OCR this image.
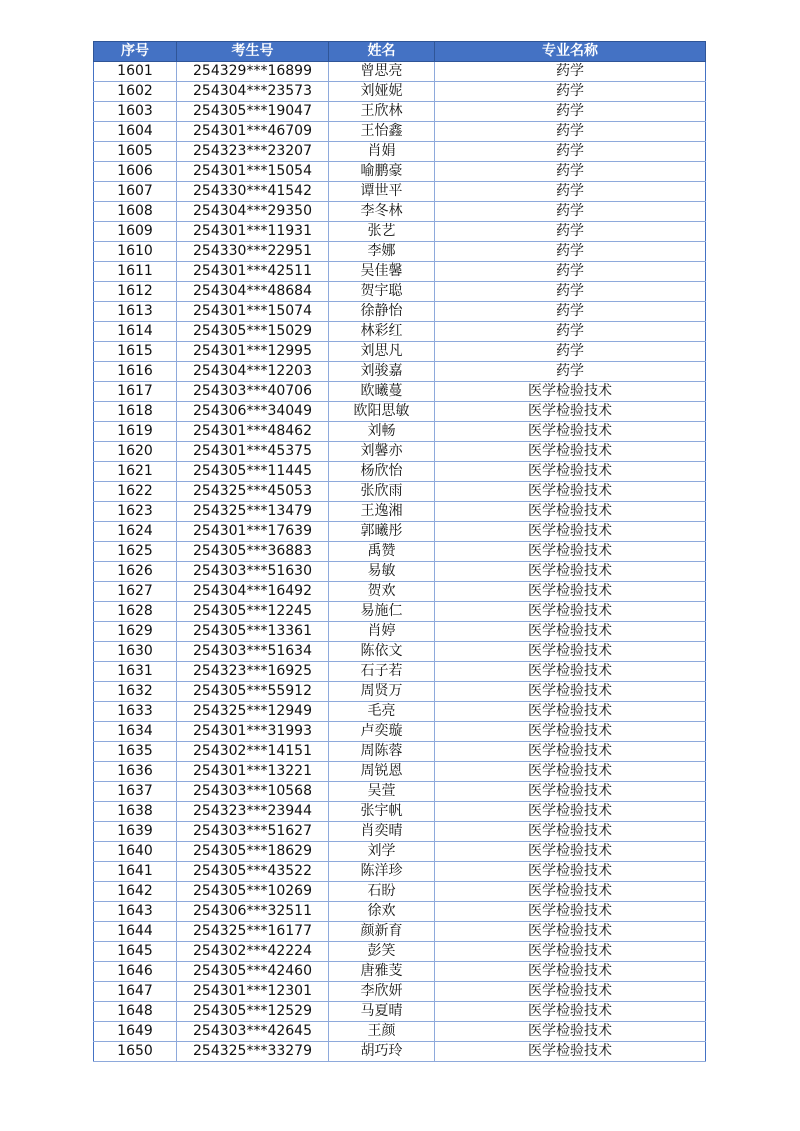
序号	考生号	姓名	专业名称
1601	254329***16899	曾思亮	药学
1602	254304***23573	刘娅妮	药学
1603	254305***19047	王欣林	药学
1604	254301***46709	王怡鑫	药学
1605	254323***23207	肖娟	药学
1606	254301***15054	喻鹏豪	药学
1607	254330***41542	谭世平	药学
1608	254304***29350	李冬林	药学
1609	254301***11931	张艺	药学
1610	254330***22951	李娜	药学
1611	254301***42511	吴佳馨	药学
1612	254304***48684	贺宇聪	药学
1613	254301***15074	徐静怡	药学
1614	254305***15029	林彩红	药学
1615	254301***12995	刘思凡	药学
1616	254304***12203	刘骏嘉	药学
1617	254303***40706	欧曦蔓	医学检验技术
1618	254306***34049	欧阳思敏	医学检验技术
1619	254301***48462	刘畅	医学检验技术
1620	254301***45375	刘馨亦	医学检验技术
1621	254305***11445	杨欣怡	医学检验技术
1622	254325***45053	张欣雨	医学检验技术
1623	254325***13479	王逸湘	医学检验技术
1624	254301***17639	郭曦彤	医学检验技术
1625	254305***36883	禹赞	医学检验技术
1626	254303***51630	易敏	医学检验技术
1627	254304***16492	贺欢	医学检验技术
1628	254305***12245	易施仁	医学检验技术
1629	254305***13361	肖婷	医学检验技术
1630	254303***51634	陈依文	医学检验技术
1631	254323***16925	石子若	医学检验技术
1632	254305***55912	周贤万	医学检验技术
1633	254325***12949	毛亮	医学检验技术
1634	254301***31993	卢奕璇	医学检验技术
1635	254302***14151	周陈蓉	医学检验技术
1636	254301***13221	周锐恩	医学检验技术
1637	254303***10568	吴萱	医学检验技术
1638	254323***23944	张宇帆	医学检验技术
1639	254303***51627	肖奕晴	医学检验技术
1640	254305***18629	刘学	医学检验技术
1641	254305***43522	陈洋珍	医学检验技术
1642	254305***10269	石盼	医学检验技术
1643	254306***32511	徐欢	医学检验技术
1644	254325***16177	颜新育	医学检验技术
1645	254302***42224	彭笑	医学检验技术
1646	254305***42460	唐雅芰	医学检验技术
1647	254301***12301	李欣妍	医学检验技术
1648	254305***12529	马夏晴	医学检验技术
1649	254303***42645	王颜	医学检验技术
1650	254325***33279	胡巧玲	医学检验技术
